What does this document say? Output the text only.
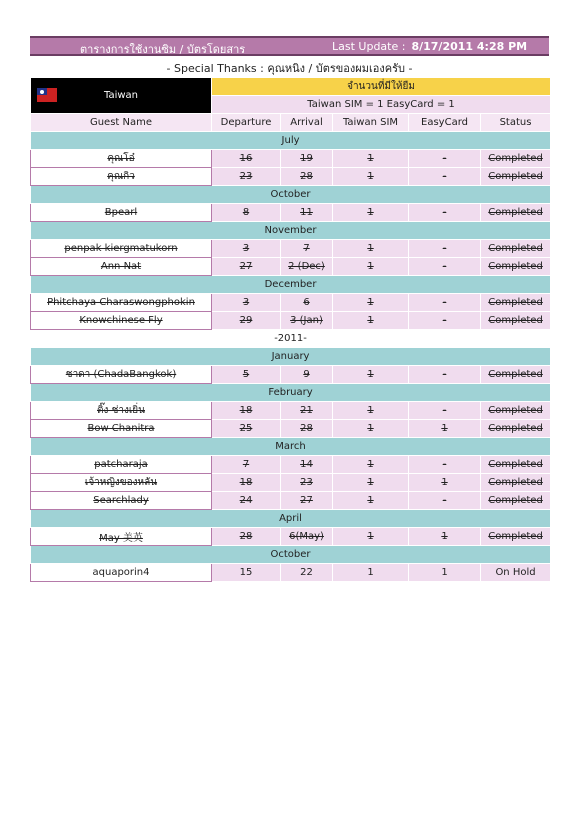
ตารางการใช้งานซิม / บัตรโดยสาร	Last Update : 8/17/2011 4:28 PM
- Special Thanks : คุณหนิง / บัตรของผมเองครับ -
Taiwan	จำนวนที่มีให้ยืม				
	Taiwan SIM = 1 EasyCard = 1				
Guest Name	Departure	Arrival	Taiwan SIM	EasyCard	Status
July					
คุณโอ๋	16	19	1	-	Completed
คุณกิว	23	28	1	-	Completed
October					
Bpearl	8	11	1	-	Completed
November					
penpak kiergmatukorn	3	7	1	-	Completed
Ann Nat	27	2 (Dec)	1	-	Completed
December					
Phitchaya Charaswongphokin	3	6	1	-	Completed
Knowchinese Fly	29	3 (Jan)	1	-	Completed
-2011-					
January					
ชาดา (ChadaBangkok)	5	9	1	-	Completed
February					
ติ๊ง ช่างเยิ่น	18	21	1	-	Completed
Bow Chanitra	25	28	1	1	Completed
March					
patcharaja	7	14	1	-	Completed
เจ้าหญิงของหลัน	18	23	1	1	Completed
Searchlady	24	27	1	-	Completed
April					
May 美英	28	6(May)	1	1	Completed
October					
aquaporin4	15	22	1	1	On Hold
